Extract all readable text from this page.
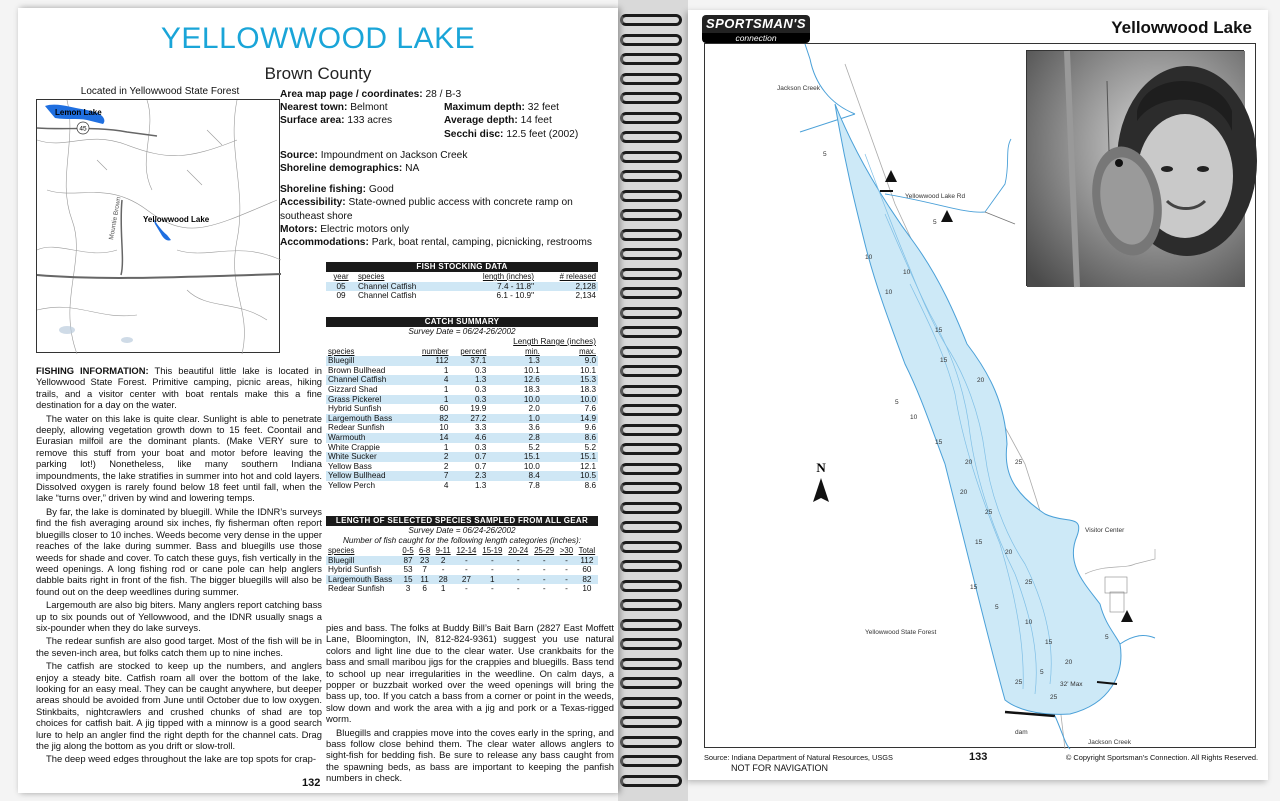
YELLOWWOOD LAKE
Brown County
Located in Yellowwood State Forest
45
Lemon Lake
Yellowwood Lake
Mountie Brown
Area map page / coordinates: 28 / B-3
Nearest town: Belmont	Maximum depth: 32 feet
Surface area: 133 acres	Average depth: 14 feet
Secchi disc: 12.5 feet (2002)
Source: Impoundment on Jackson Creek
Shoreline demographics: NA
Shoreline fishing: Good
Accessibility: State-owned public access with concrete ramp on southeast shore
Motors: Electric motors only
Accommodations: Park, boat rental, camping, picnicking, restrooms
FISH STOCKING DATA
year	species	length (inches)	# released
05	Channel Catfish	7.4 - 11.8"	2,128
09	Channel Catfish	6.1 - 10.9"	2,134
CATCH SUMMARY
Survey Date = 06/24-26/2002
			Length Range (inches)	
species	number	percent	min.	max.
Bluegill	112	37.1	1.3	9.0
Brown Bullhead	1	0.3	10.1	10.1
Channel Catfish	4	1.3	12.6	15.3
Gizzard Shad	1	0.3	18.3	18.3
Grass Pickerel	1	0.3	10.0	10.0
Hybrid Sunfish	60	19.9	2.0	7.6
Largemouth Bass	82	27.2	1.0	14.9
Redear Sunfish	10	3.3	3.6	9.6
Warmouth	14	4.6	2.8	8.6
White Crappie	1	0.3	5.2	5.2
White Sucker	2	0.7	15.1	15.1
Yellow Bass	2	0.7	10.0	12.1
Yellow Bullhead	7	2.3	8.4	10.5
Yellow Perch	4	1.3	7.8	8.6
LENGTH OF SELECTED SPECIES SAMPLED FROM ALL GEAR
Survey Date = 06/24-26/2002
Number of fish caught for the following length categories (inches):
species	0-5	6-8	9-11	12-14	15-19	20-24	25-29	>30	Total
Bluegill	87	23	2	-	-	-	-	-	112
Hybrid Sunfish	53	7	-	-	-	-	-	-	60
Largemouth Bass	15	11	28	27	1	-	-	-	82
Redear Sunfish	3	6	1	-	-	-	-	-	10

FISHING INFORMATION: This beautiful little lake is located in Yellowwood State Forest. Primitive camping, picnic areas, hiking trails, and a visitor center with boat rentals make this a fine destination for a day on the water.

The water on this lake is quite clear. Sunlight is able to penetrate deeply, allowing vegetation growth down to 15 feet. Coontail and Eurasian milfoil are the dominant plants. (Make VERY sure to remove this stuff from your boat and motor before leaving the parking lot!) Nonetheless, like many southern Indiana impoundments, the lake stratifies in summer into hot and cold layers. Dissolved oxygen is rarely found below 18 feet until fall, when the lake “turns over,” driven by wind and lowering temps.

By far, the lake is dominated by bluegill. While the IDNR’s surveys find the fish averaging around six inches, fly fisherman often report bluegills closer to 10 inches. Weeds become very dense in the upper reaches of the lake during summer. Bass and bluegills use those weeds for shade and cover. To catch these guys, fish vertically in the weed openings. A long fishing rod or cane pole can help anglers dabble baits right in front of the fish. The bigger bluegills will also be found out on the deep weedlines during summer.

Largemouth are also big biters. Many anglers report catching bass up to six pounds out of Yellowwood, and the IDNR usually snags a six-pounder when they do lake surveys.

The redear sunfish are also good target. Most of the fish will be in the seven-inch area, but folks catch them up to nine inches.

The catfish are stocked to keep up the numbers, and anglers enjoy a steady bite. Catfish roam all over the bottom of the lake, looking for an easy meal. They can be caught anywhere, but deeper areas should be avoided from June until October due to low oxygen. Stinkbaits, nightcrawlers and crushed chunks of shad are top choices for catfish bait. A jig tipped with a minnow is a good search lure to help an angler find the right depth for the channel cats. Drag the jig along the bottom as you drift or slow-troll.

The deep weed edges throughout the lake are top spots for crap-

pies and bass. The folks at Buddy Bill’s Bait Barn (2827 East Moffett Lane, Bloomington, IN, 812-824-9361) suggest you use natural colors and light line due to the clear water. Use crankbaits for the bass and small maribou jigs for the crappies and bluegills. Bass tend to school up near irregularities in the weedline. On calm days, a popper or buzzbait worked over the weed openings will bring the bass up, too. If you catch a bass from a corner or point in the weeds, slow down and work the area with a jig and pork or a Texas-rigged worm.

Bluegills and crappies move into the coves early in the spring, and bass follow close behind them. The clear water allows anglers to sight-fish for bedding fish. Be sure to release any bass caught from the spawning beds, as bass are important to keeping the panfish numbers in check.

132
SPORTSMAN'S
connection
Yellowwood Lake
N
Jackson Creek
Yellowwood Lake Rd
Visitor Center
Yellowwood State Forest
32' Max
dam
Jackson Creek
5
5
10
10
10
15
15
20
5
10
15
20	25
20
25
15
20
25
15
5
10
15
20
25
5
25
5
NOT FOR NAVIGATION
Source: Indiana Department of Natural Resources, USGS	133	© Copyright Sportsman's Connection. All Rights Reserved.
